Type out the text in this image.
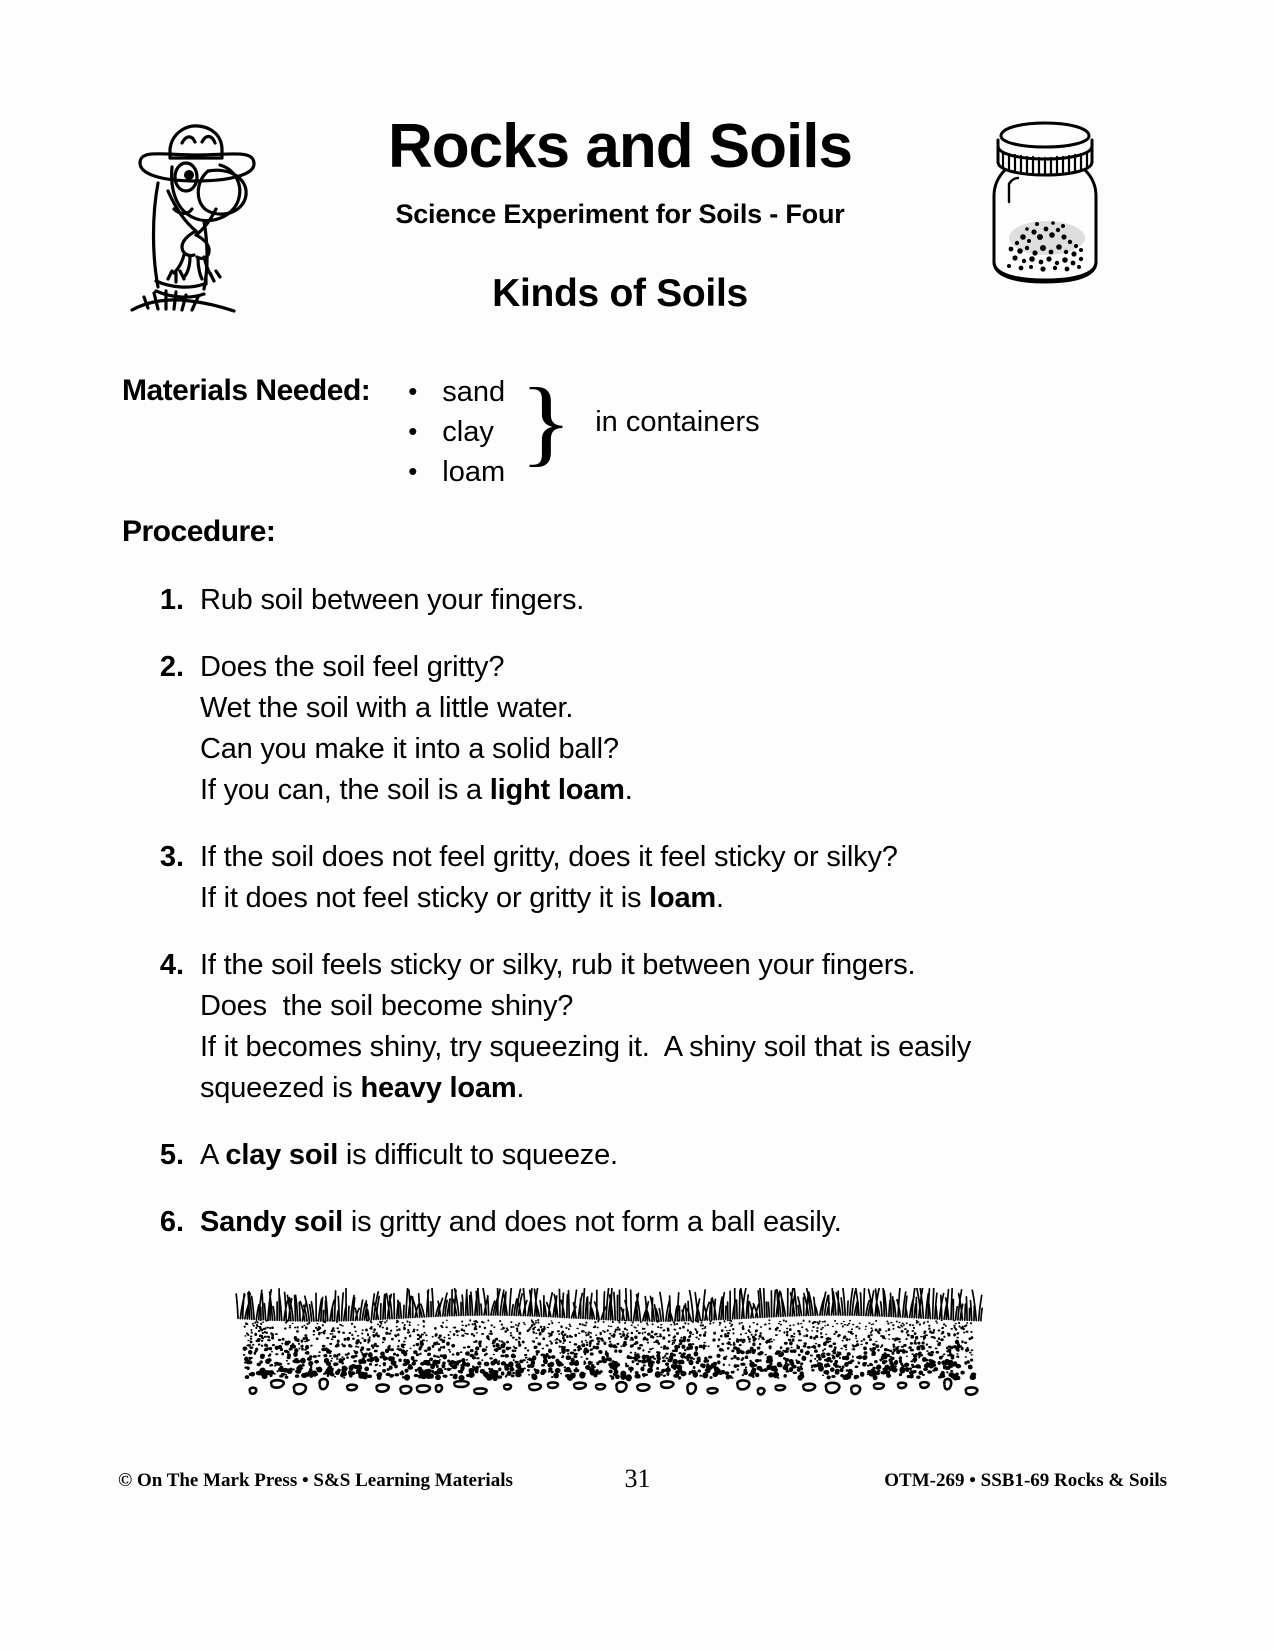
Rocks and Soils
Science Experiment for Soils - Four
Kinds of Soils
Materials Needed:	• sand
• clay
• loam } in containers
Procedure:
1. Rub soil between your fingers.
2. Does the soil feel gritty?
Wet the soil with a little water.
Can you make it into a solid ball?
If you can, the soil is a light loam.
3. If the soil does not feel gritty, does it feel sticky or silky?
If it does not feel sticky or gritty it is loam.
4. If the soil feels sticky or silky, rub it between your fingers.
Does  the soil become shiny?
If it becomes shiny, try squeezing it.  A shiny soil that is easily
squeezed is heavy loam.
5. A clay soil is difficult to squeeze.
6. Sandy soil is gritty and does not form a ball easily.
© On The Mark Press • S&S Learning Materials	31	OTM-269 • SSB1-69 Rocks & Soils
